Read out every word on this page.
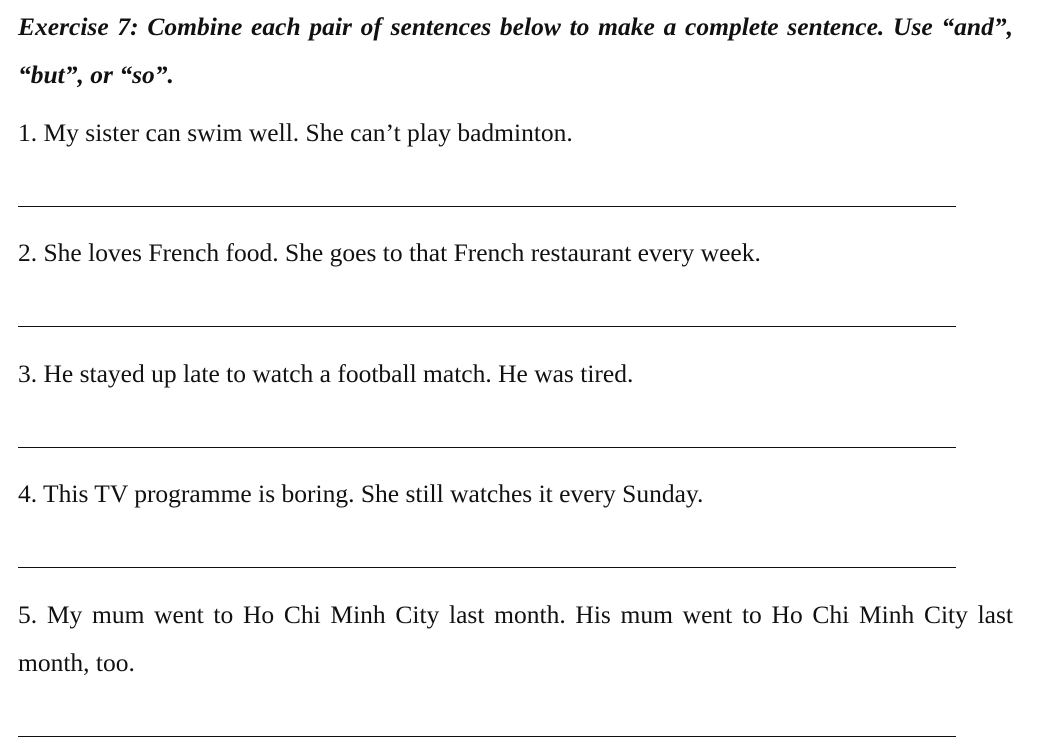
Exercise 7: Combine each pair of sentences below to make a complete sentence. Use “and”, “but”, or “so”.
1. My sister can swim well. She can’t play badminton.
2. She loves French food. She goes to that French restaurant every week.
3. He stayed up late to watch a football match. He was tired.
4. This TV programme is boring. She still watches it every Sunday.
5. My mum went to Ho Chi Minh City last month. His mum went to Ho Chi Minh City last month, too.
